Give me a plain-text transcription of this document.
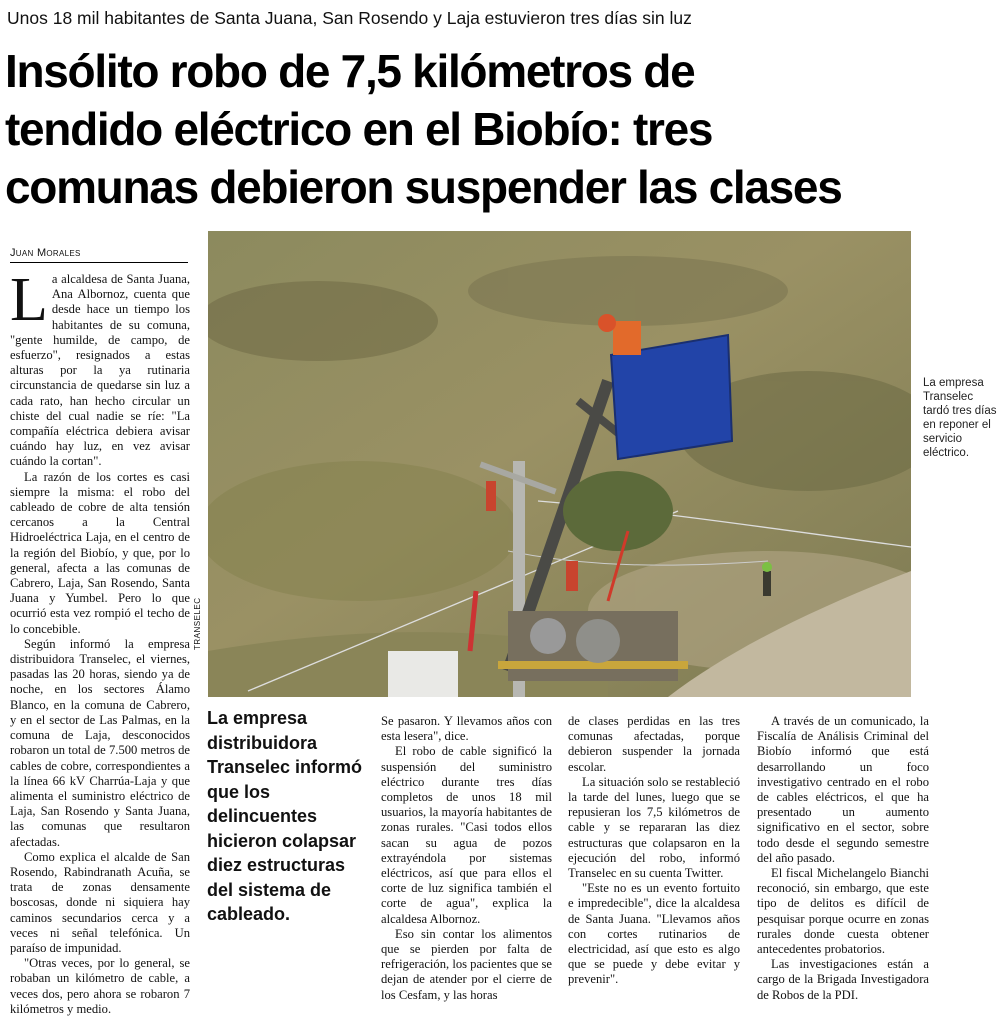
Unos 18 mil habitantes de Santa Juana, San Rosendo y Laja estuvieron tres días sin luz
Insólito robo de 7,5 kilómetros de
tendido eléctrico en el Biobío: tres
comunas debieron suspender las clases
Juan Morales

La alcaldesa de Santa Juana, Ana Albornoz, cuenta que desde hace un tiempo los habitantes de su comuna, "gente humilde, de campo, de esfuerzo", resignados a estas alturas por la ya rutinaria circunstancia de quedarse sin luz a cada rato, han hecho circular un chiste del cual nadie se ríe: "La compañía eléctrica debiera avisar cuándo hay luz, en vez avisar cuándo la cortan".

La razón de los cortes es casi siempre la misma: el robo del cableado de cobre de alta tensión cercanos a la Central Hidroeléctrica Laja, en el centro de la región del Biobío, y que, por lo general, afecta a las comunas de Cabrero, Laja, San Rosendo, Santa Juana y Yumbel. Pero lo que ocurrió esta vez rompió el techo de lo concebible.

Según informó la empresa distribuidora Transelec, el viernes, pasadas las 20 horas, siendo ya de noche, en los sectores Álamo Blanco, en la comuna de Cabrero, y en el sector de Las Palmas, en la comuna de Laja, desconocidos robaron un total de 7.500 metros de cables de cobre, correspondientes a la línea 66 kV Charrúa-Laja y que alimenta el suministro eléctrico de Laja, San Rosendo y Santa Juana, las comunas que resultaron afectadas.

Como explica el alcalde de San Rosendo, Rabindranath Acuña, se trata de zonas densamente boscosas, donde ni siquiera hay caminos secundarios cerca y a veces ni señal telefónica. Un paraíso de impunidad.

"Otras veces, por lo general, se robaban un kilómetro de cable, a veces dos, pero ahora se robaron 7 kilómetros y medio.

TRANSELEC
La empresa Transelec tardó tres días en reponer el servicio eléctrico.

La empresa distribuidora Transelec informó que los delincuentes hicieron colapsar diez estructuras del sistema de cableado.

Se pasaron. Y llevamos años con esta lesera", dice.

El robo de cable significó la suspensión del suministro eléctrico durante tres días completos de unos 18 mil usuarios, la mayoría habitantes de zonas rurales. "Casi todos ellos sacan su agua de pozos extrayéndola por sistemas eléctricos, así que para ellos el corte de luz significa también el corte de agua", explica la alcaldesa Albornoz.

Eso sin contar los alimentos que se pierden por falta de refrigeración, los pacientes que se dejan de atender por el cierre de los Cesfam, y las horas

de clases perdidas en las tres comunas afectadas, porque debieron suspender la jornada escolar.

La situación solo se restableció la tarde del lunes, luego que se repusieran los 7,5 kilómetros de cable y se repararan las diez estructuras que colapsaron en la ejecución del robo, informó Transelec en su cuenta Twitter.

"Este no es un evento fortuito e impredecible", dice la alcaldesa de Santa Juana. "Llevamos años con cortes rutinarios de electricidad, así que esto es algo que se puede y debe evitar y prevenir".

A través de un comunicado, la Fiscalía de Análisis Criminal del Biobío informó que está desarrollando un foco investigativo centrado en el robo de cables eléctricos, el que ha presentado un aumento significativo en el sector, sobre todo desde el segundo semestre del año pasado.

El fiscal Michelangelo Bianchi reconoció, sin embargo, que este tipo de delitos es difícil de pesquisar porque ocurre en zonas rurales donde cuesta obtener antecedentes probatorios.

Las investigaciones están a cargo de la Brigada Investigadora de Robos de la PDI.
